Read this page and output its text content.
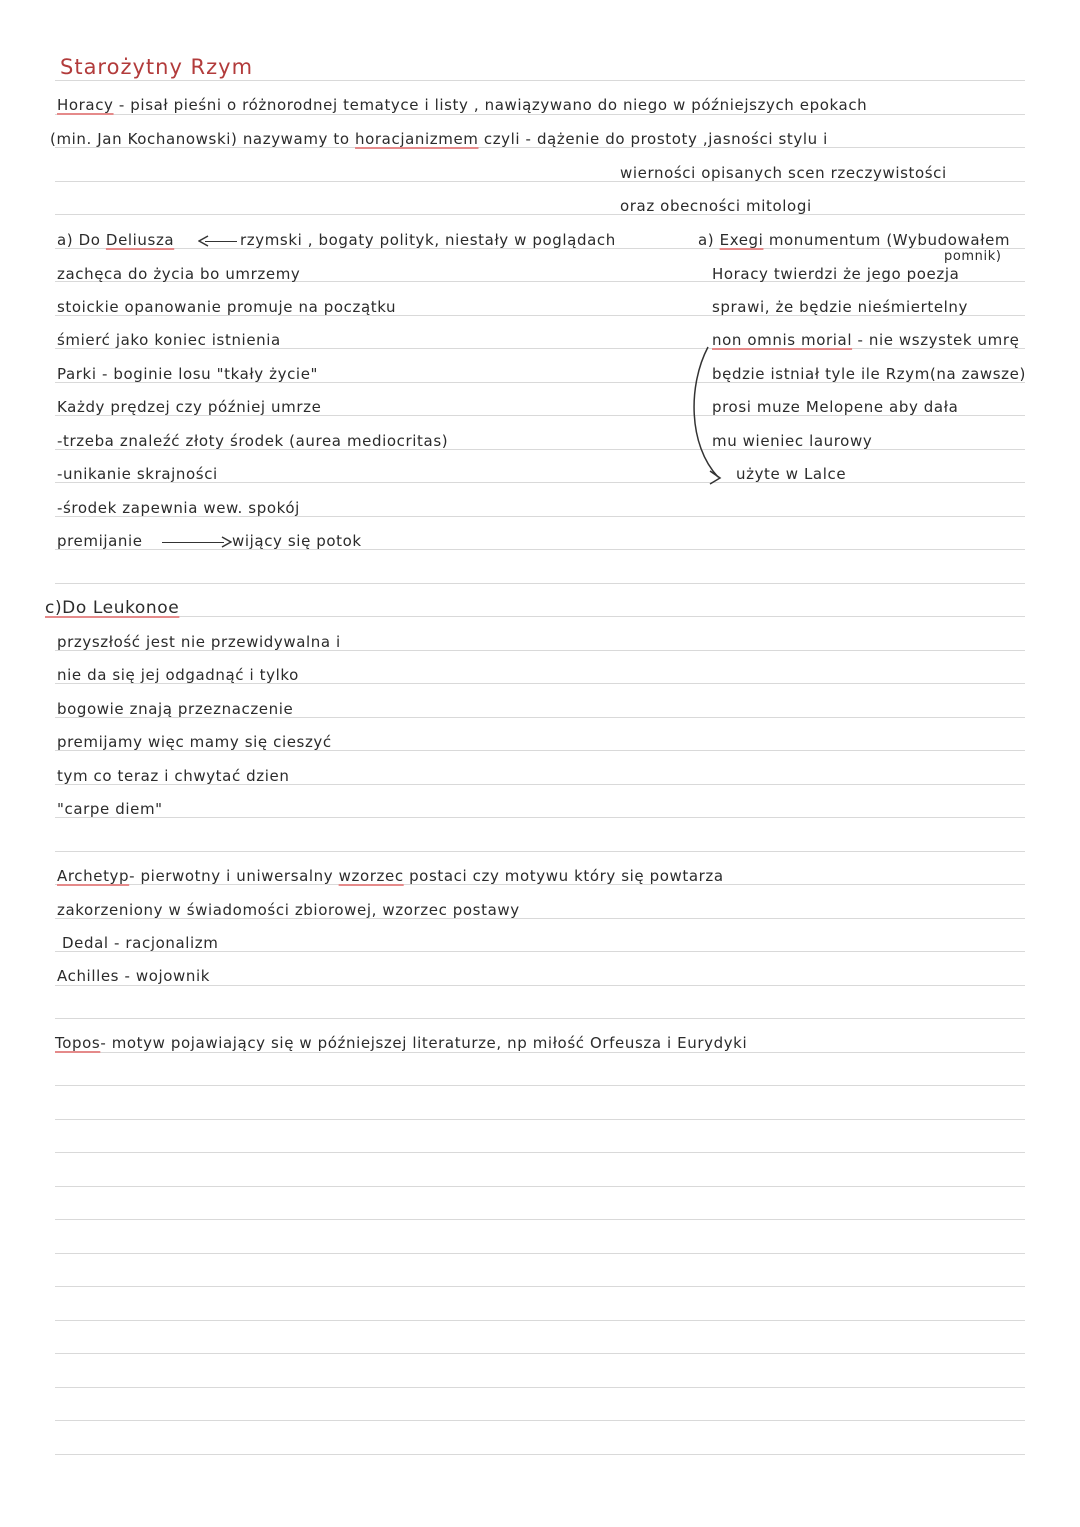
Starożytny Rzym
Horacy - pisał pieśni o różnorodnej tematyce i listy , nawiązywano do niego w późniejszych epokach
(min. Jan Kochanowski) nazywamy to horacjanizmem czyli - dążenie do prostoty ,jasności stylu i
wierności opisanych scen rzeczywistości
oraz obecności mitologi
a) Do Deliusza	rzymski , bogaty polityk, niestały w poglądach
zachęca do życia bo umrzemy
stoickie opanowanie promuje na początku
śmierć jako koniec istnienia
Parki - boginie losu "tkały życie"
Każdy prędzej czy później umrze
-trzeba znaleźć złoty środek (aurea mediocritas)
-unikanie skrajności
-środek zapewnia wew. spokój
premijanie	wijący się potok
a) Exegi monumentum (Wybudowałem
pomnik)
Horacy twierdzi że jego poezja
sprawi, że będzie nieśmiertelny
non omnis morial - nie wszystek umrę
będzie istniał tyle ile Rzym(na zawsze)
prosi muze Melopene aby dała
mu wieniec laurowy
użyte w Lalce
c)Do Leukonoe
przyszłość jest nie przewidywalna i
nie da się jej odgadnąć i tylko
bogowie znają przeznaczenie
premijamy więc mamy się cieszyć
tym co teraz i chwytać dzien
"carpe diem"
Archetyp- pierwotny i uniwersalny wzorzec postaci czy motywu który się powtarza
zakorzeniony w świadomości zbiorowej, wzorzec postawy
Dedal - racjonalizm
Achilles - wojownik
Topos- motyw pojawiający się w późniejszej literaturze, np miłość Orfeusza i Eurydyki
